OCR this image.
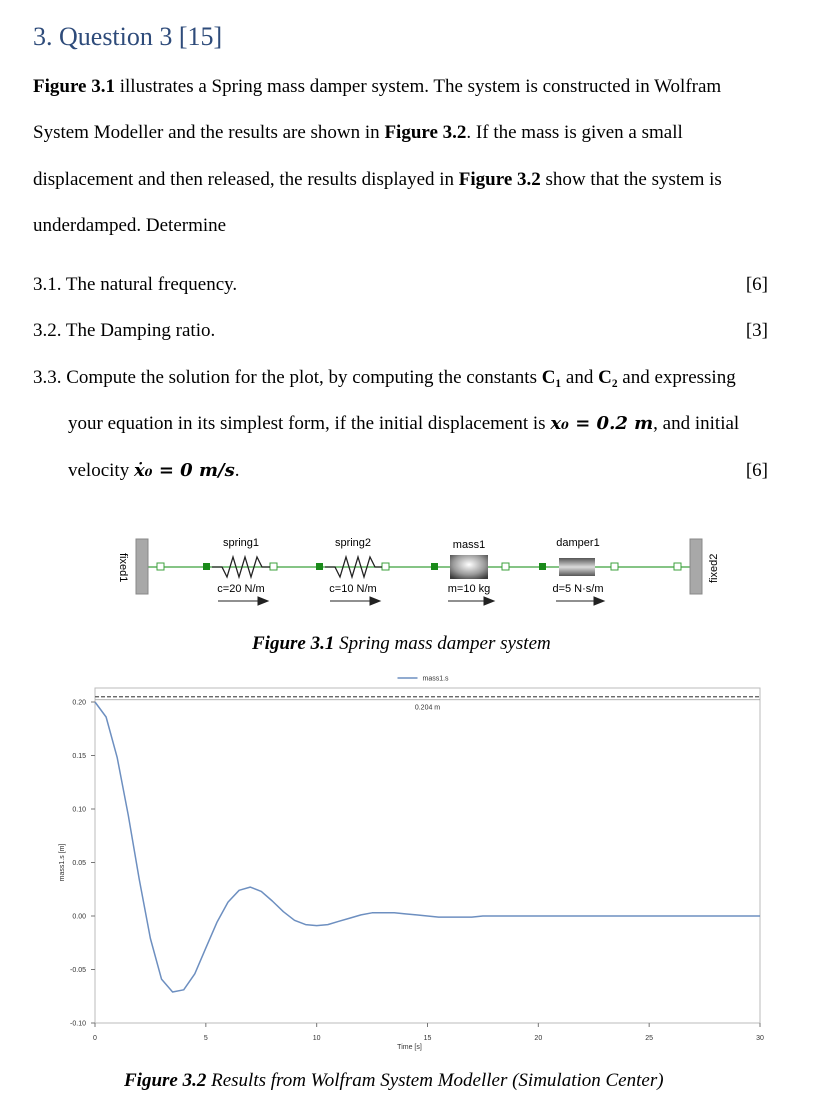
3. Question 3 [15]
Figure 3.1 illustrates a Spring mass damper system. The system is constructed in Wolfram
System Modeller and the results are shown in Figure 3.2. If the mass is given a small
displacement and then released, the results displayed in Figure 3.2 show that the system is
underdamped. Determine
3.1. The natural frequency.	[6]
3.2. The Damping ratio.	[3]
3.3. Compute the solution for the plot, by computing the constants C₁ and C₂ and expressing
your equation in its simplest form, if the initial displacement is x₀ = 0.2 m, and initial
velocity ẋ₀ = 0 m/s.	[6]
fixed1	fixed2
spring1
c=20 N/m
spring2
c=10 N/m
mass1
m=10 kg
damper1
d=5 N·s/m
Figure 3.1 Spring mass damper system
0	5	10	15	20	25	30
0.20
0.15
0.10
0.05
0.00
-0.05
-0.10
Time [s]
mass1.s [m]
mass1.s
0.204 m
Figure 3.2 Results from Wolfram System Modeller (Simulation Center)
